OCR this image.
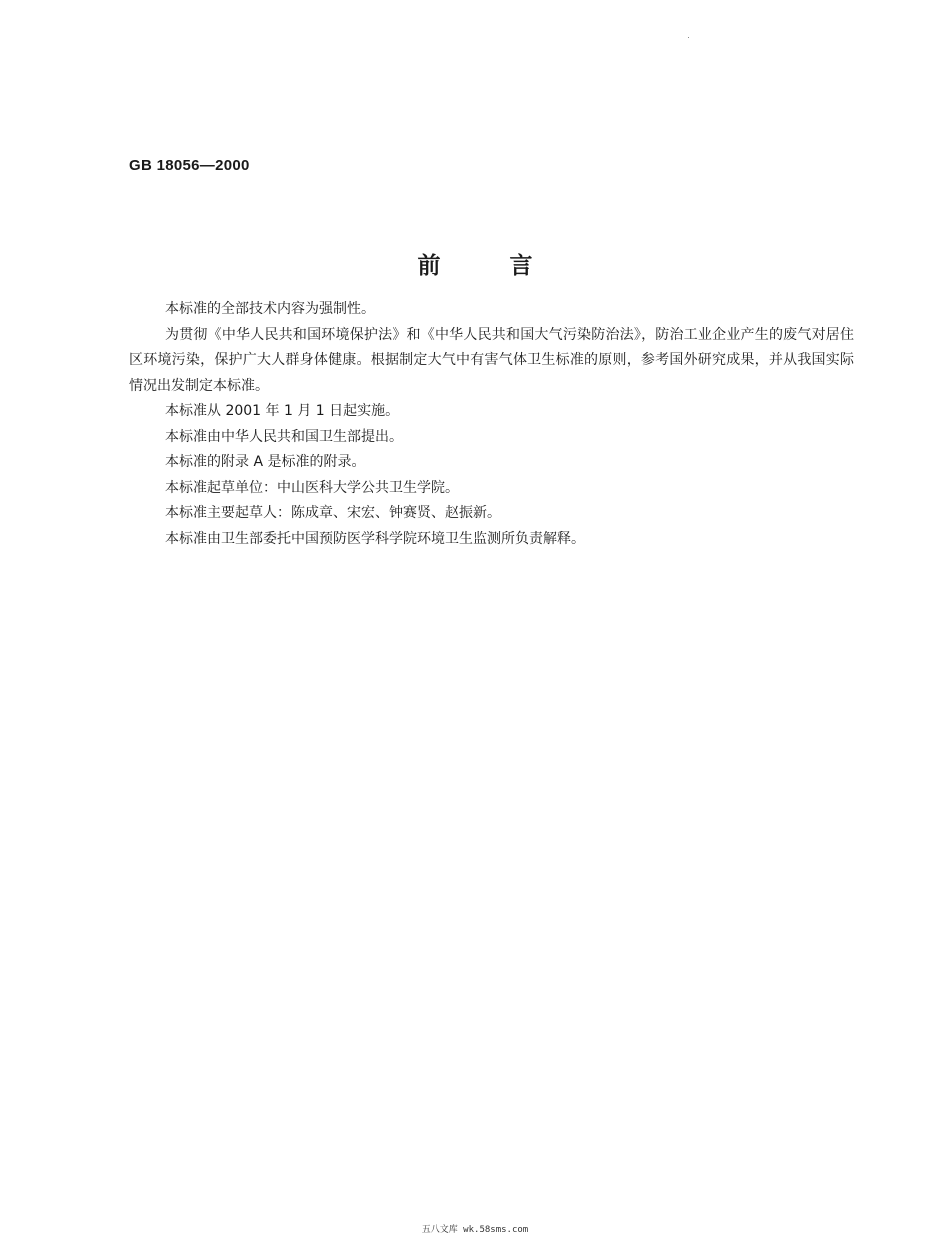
GB 18056—2000
前　　　言

本标准的全部技术内容为强制性。

为贯彻《中华人民共和国环境保护法》和《中华人民共和国大气污染防治法》，防治工业企业产生的废气对居住区环境污染，保护广大人群身体健康。根据制定大气中有害气体卫生标准的原则，参考国外研究成果，并从我国实际情况出发制定本标准。

本标准从 2001 年 1 月 1 日起实施。

本标准由中华人民共和国卫生部提出。

本标准的附录 A 是标准的附录。

本标准起草单位：中山医科大学公共卫生学院。

本标准主要起草人：陈成章、宋宏、钟赛贤、赵振新。

本标准由卫生部委托中国预防医学科学院环境卫生监测所负责解释。

五八文库 wk.58sms.com
